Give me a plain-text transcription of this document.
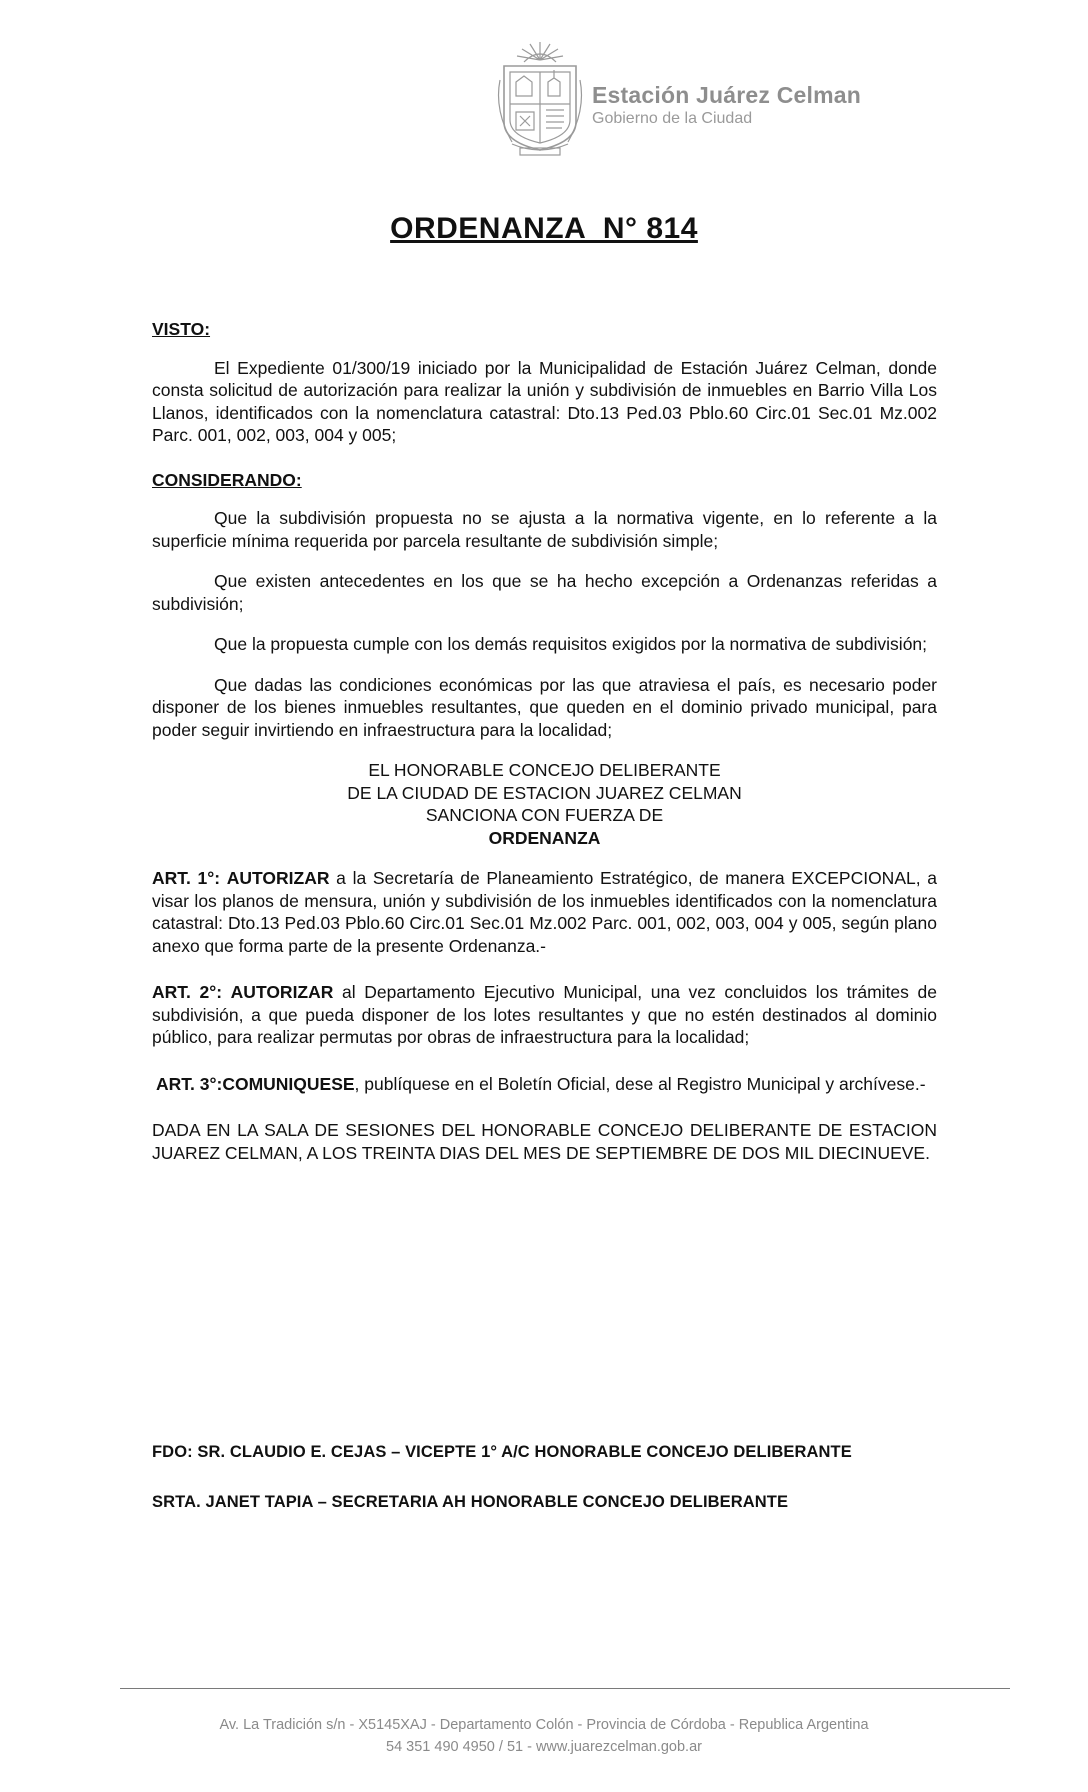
Estación Juárez Celman
Gobierno de la Ciudad
ORDENANZA  N° 814
VISTO:

El Expediente 01/300/19 iniciado por la Municipalidad de Estación Juárez Celman, donde consta solicitud de autorización para realizar la unión y subdivisión de inmuebles en Barrio Villa Los Llanos, identificados con la nomenclatura catastral: Dto.13 Ped.03 Pblo.60 Circ.01 Sec.01 Mz.002 Parc. 001, 002, 003, 004 y 005;

CONSIDERANDO:

Que la subdivisión propuesta no se ajusta a la normativa vigente, en lo referente a la superficie mínima requerida por parcela resultante de subdivisión simple;

Que existen antecedentes en los que se ha hecho excepción a Ordenanzas referidas a subdivisión;

Que la propuesta cumple con los demás requisitos exigidos por la normativa de subdivisión;

Que dadas las condiciones económicas por las que atraviesa el país, es necesario poder disponer de los bienes inmuebles resultantes, que queden en el dominio privado municipal, para poder seguir invirtiendo en infraestructura para la localidad;

EL HONORABLE CONCEJO DELIBERANTE
DE LA CIUDAD DE ESTACION JUAREZ CELMAN
SANCIONA CON FUERZA DE
ORDENANZA

ART. 1°: AUTORIZAR a la Secretaría de Planeamiento Estratégico, de manera EXCEPCIONAL, a visar los planos de mensura, unión y subdivisión de los inmuebles identificados con la nomenclatura catastral: Dto.13 Ped.03 Pblo.60 Circ.01 Sec.01 Mz.002 Parc. 001, 002, 003, 004 y 005, según plano anexo que forma parte de la presente Ordenanza.-

ART. 2°: AUTORIZAR al Departamento Ejecutivo Municipal, una vez concluidos los trámites de subdivisión, a que pueda disponer de los lotes resultantes y que no estén destinados al dominio público, para realizar permutas por obras de infraestructura para la localidad;

ART. 3°:COMUNIQUESE, publíquese en el Boletín Oficial, dese al Registro Municipal y archívese.-

DADA EN LA SALA DE SESIONES DEL HONORABLE CONCEJO DELIBERANTE DE ESTACION JUAREZ CELMAN, A LOS TREINTA DIAS DEL MES DE SEPTIEMBRE DE DOS MIL DIECINUEVE.

FDO: SR. CLAUDIO E. CEJAS – VICEPTE 1° A/C HONORABLE CONCEJO DELIBERANTE
SRTA. JANET TAPIA – SECRETARIA AH HONORABLE CONCEJO DELIBERANTE
Av. La Tradición s/n - X5145XAJ - Departamento Colón - Provincia de Córdoba - Republica Argentina
54 351 490 4950 / 51 - www.juarezcelman.gob.ar
